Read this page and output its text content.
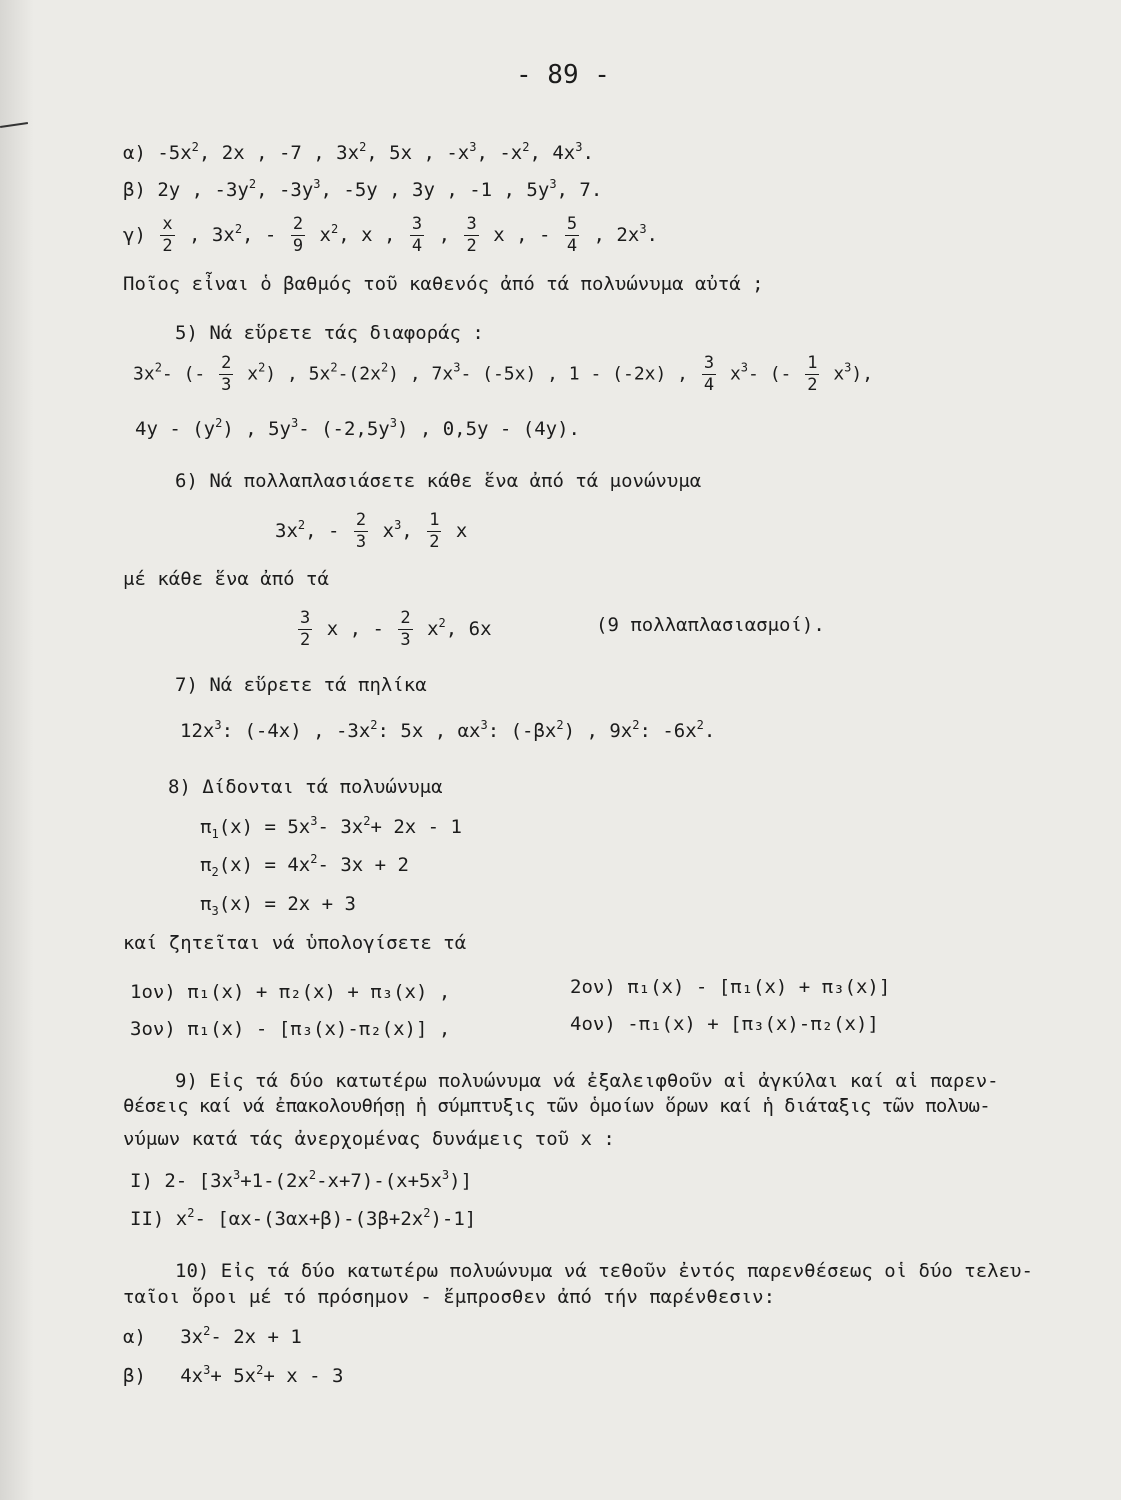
- 89 -
α) $-5x^2$, 2x , -7 , $3x^2$, 5x , $-x^3$, $-x^2$, $4x^3$.
β) 2y , $-3y^2$, $-3y^3$, -5y , 3y , -1 , $5y^3$, 7.
$\gamma) \frac{x}{2}$ , $3x^2$, - $\frac{2}{9} x^2$, x , $\frac{3}{4}$ , $\frac{3}{2}$ x , - $\frac{5}{4}$ , $2x^3$.
Ποῖος εἶναι ὁ βαθμός τοῦ καθενός ἀπό τά πολυώνυμα αὐτά ;
5) Νά εὕρετε τάς διαφοράς :
$3x^2-$ (- $\frac{2}{3} x^2$) , $5x^2-(2x^2)$ , $7x^3-$ (-5x) , 1 - (-2x) , $\frac{3}{4} x^3-$ (- $\frac{1}{2} x^3$),
$4y - (y^2)$ , $5y^3-$ $(-2,5y^3)$ , 0,5y - (4y).
6) Νά πολλαπλασιάσετε κάθε ἕνα ἀπό τά μονώνυμα
$3x^2$, - $\frac{2}{3} x^3$, $\frac{1}{2}$ x
μέ κάθε ἕνα ἀπό τά
$\frac{3}{2}$ x , - $\frac{2}{3} x^2$, 6x	(9 πολλαπλασιασμοί).
7) Νά εὕρετε τά πηλίκα
$12x^3$: (-4x) , $-3x^2$: 5x , $\alpha x^3$: $(-\beta x^2)$ , $9x^2$: $-6x^2$.
8) Δίδονται τά πολυώνυμα
$\pi_1(x) = 5x^3-$ $3x^2+ 2x - 1$
$\pi_2(x) = 4x^2-$ 3x + 2
$\pi_3(x) = 2x + 3$
καί ζητεῖται νά ὑπολογίσετε τά
1ον) π₁(x) + π₂(x) + π₃(x) ,	2ον) π₁(x) - [π₁(x) + π₃(x)]
3ον) π₁(x) - [π₃(x)-π₂(x)] ,	4ον) -π₁(x) + [π₃(x)-π₂(x)]
9) Εἰς τά δύο κατωτέρω πολυώνυμα νά ἐξαλειφθοῦν αἱ ἀγκύλαι καί αἱ παρεν-
θέσεις καί νά ἐπακολουθήσῃ ἡ σύμπτυξις τῶν ὁμοίων ὅρων καί ἡ διάταξις τῶν πολυω-
νύμων κατά τάς ἀνερχομένας δυνάμεις τοῦ x :
I) 2- $[3x^3+1-(2x^2-x+7)-(x+5x^3)]$
II) $x^2-$ $[\alpha x-(3\alpha x+\beta)-(3\beta+2x^2)-1]$
10) Εἰς τά δύο κατωτέρω πολυώνυμα νά τεθοῦν ἐντός παρενθέσεως οἱ δύο τελευ-
ταῖοι ὅροι μέ τό πρόσημον - ἔμπροσθεν ἀπό τήν παρένθεσιν:
α) $3x^2-$ 2x + 1
β) $4x^3+ 5x^2+ x - 3$
